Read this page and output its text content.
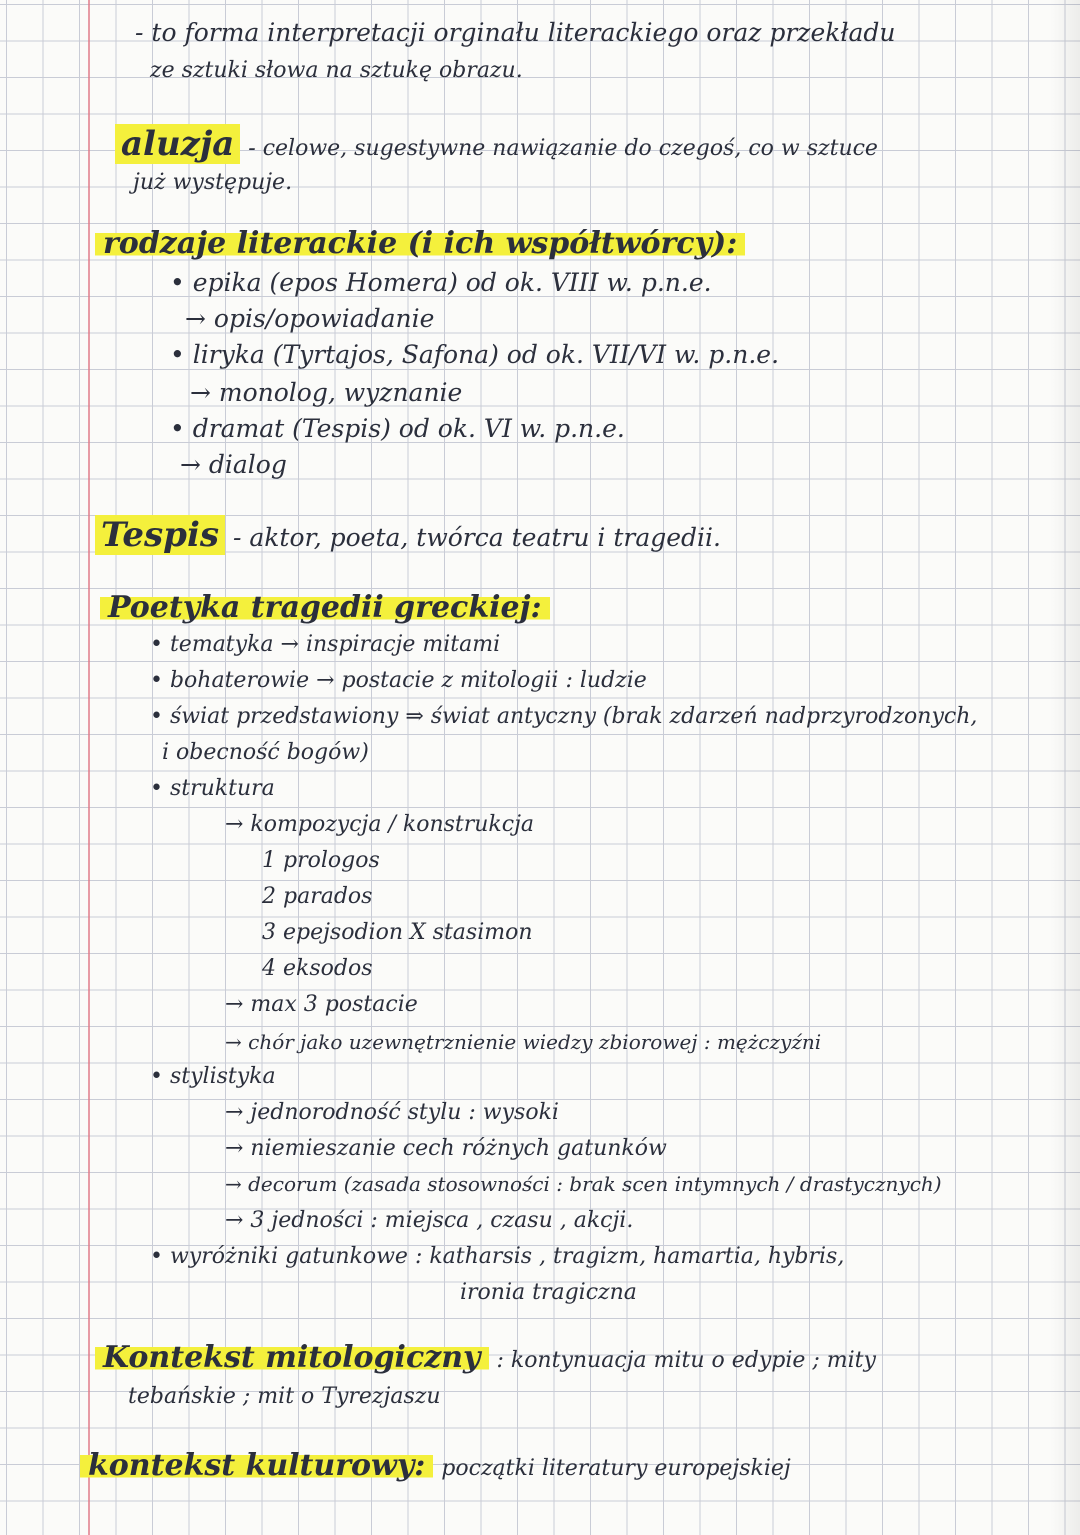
- to forma interpretacji orginału literackiego oraz przekładu
ze sztuki słowa na sztukę obrazu.
aluzja - celowe, sugestywne nawiązanie do czegoś, co w sztuce
już występuje.
rodzaje literackie (i ich współtwórcy):
• epika (epos Homera) od ok. VIII w. p.n.e.
→ opis/opowiadanie
• liryka (Tyrtajos, Safona) od ok. VII/VI w. p.n.e.
→ monolog, wyznanie
• dramat (Tespis) od ok. VI w. p.n.e.
→ dialog
Tespis - aktor, poeta, twórca teatru i tragedii.
Poetyka tragedii greckiej:
• tematyka → inspiracje mitami
• bohaterowie → postacie z mitologii : ludzie
• świat przedstawiony ⇒ świat antyczny (brak zdarzeń nadprzyrodzonych,
i obecność bogów)
• struktura
→ kompozycja / konstrukcja
1 prologos
2 parados
3 epejsodion X stasimon
4 eksodos
→ max 3 postacie
→ chór jako uzewnętrznienie wiedzy zbiorowej : mężczyźni
• stylistyka
→ jednorodność stylu : wysoki
→ niemieszanie cech różnych gatunków
→ decorum (zasada stosowności : brak scen intymnych / drastycznych)
→ 3 jedności : miejsca , czasu , akcji.
• wyróżniki gatunkowe : katharsis , tragizm, hamartia, hybris,
ironia tragiczna
Kontekst mitologiczny : kontynuacja mitu o edypie ; mity
tebańskie ; mit o Tyrezjaszu
kontekst kulturowy: początki literatury europejskiej
